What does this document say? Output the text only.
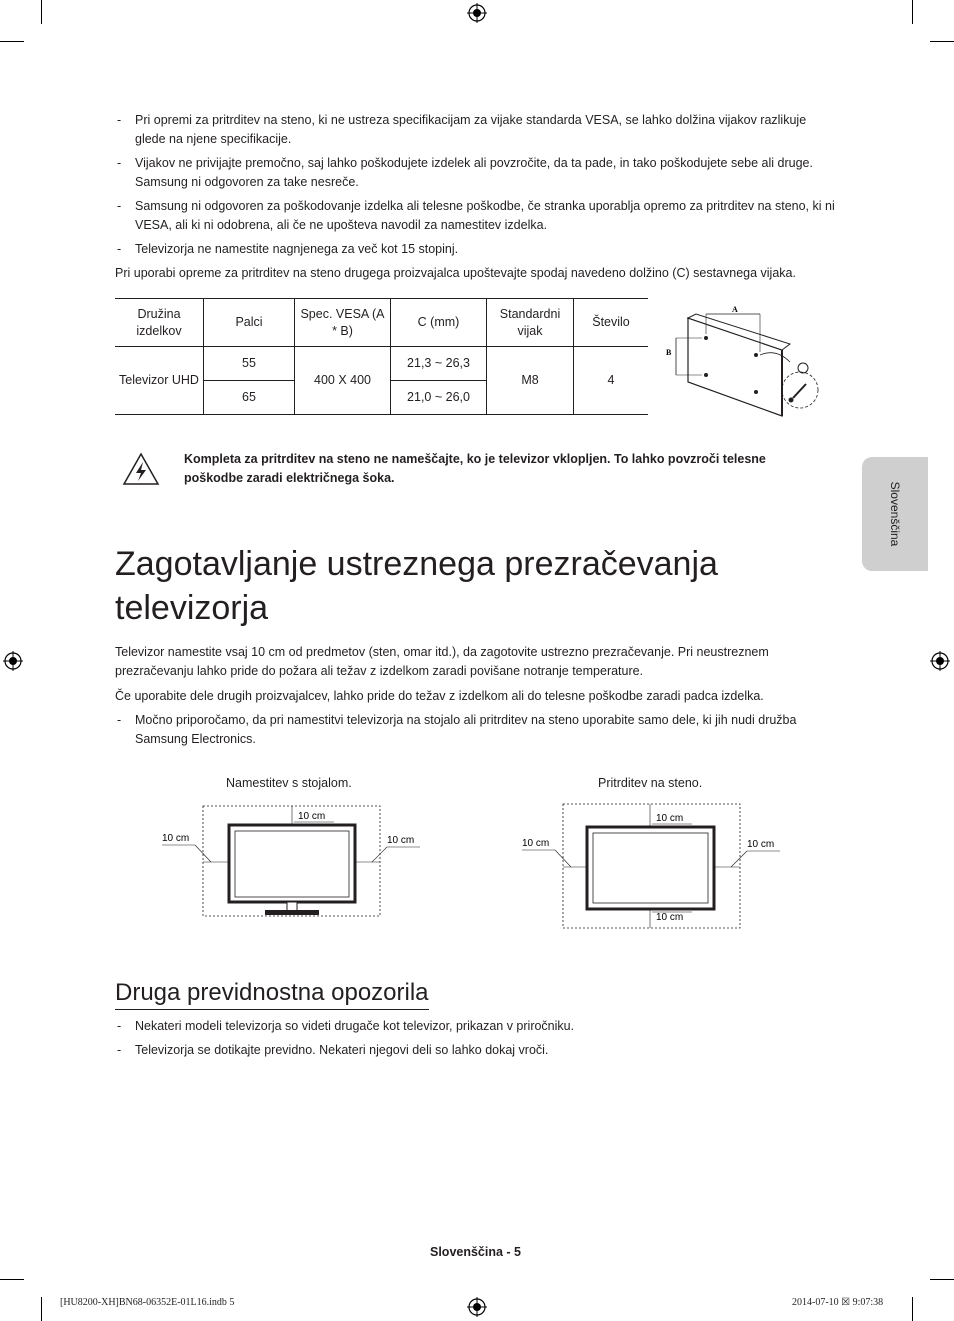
- Pri opremi za pritrditev na steno, ki ne ustreza specifikacijam za vijake standarda VESA, se lahko dolžina vijakov razlikuje glede na njene specifikacije.
- Vijakov ne privijajte premočno, saj lahko poškodujete izdelek ali povzročite, da ta pade, in tako poškodujete sebe ali druge. Samsung ni odgovoren za take nesreče.
- Samsung ni odgovoren za poškodovanje izdelka ali telesne poškodbe, če stranka uporablja opremo za pritrditev na steno, ki ni VESA, ali ki ni odobrena, ali če ne upošteva navodil za namestitev izdelka.
- Televizorja ne namestite nagnjenega za več kot 15 stopinj.
Pri uporabi opreme za pritrditev na steno drugega proizvajalca upoštevajte spodaj navedeno dolžino (C) sestavnega vijaka.
Družina izdelkov	Palci	Spec. VESA (A * B)	C (mm)	Standardni vijak	Število
Televizor UHD	55	400 X 400	21,3 ~ 26,3	M8	4
	65		21,0 ~ 26,0		
A
B
Kompleta za pritrditev na steno ne nameščajte, ko je televizor vklopljen. To lahko povzroči telesne poškodbe zaradi električnega šoka.
Slovenščina
Zagotavljanje ustreznega prezračevanja televizorja
Televizor namestite vsaj 10 cm od predmetov (sten, omar itd.), da zagotovite ustrezno prezračevanje. Pri neustreznem prezračevanju lahko pride do požara ali težav z izdelkom zaradi povišane notranje temperature.
Če uporabite dele drugih proizvajalcev, lahko pride do težav z izdelkom ali do telesne poškodbe zaradi padca izdelka.
- Močno priporočamo, da pri namestitvi televizorja na stojalo ali pritrditev na steno uporabite samo dele, ki jih nudi družba Samsung Electronics.
Namestitev s stojalom.
10 cm
10 cm	10 cm
Pritrditev na steno.
10 cm
10 cm
10 cm	10 cm
Druga previdnostna opozorila
- Nekateri modeli televizorja so videti drugače kot televizor, prikazan v priročniku.
- Televizorja se dotikajte previdno. Nekateri njegovi deli so lahko dokaj vroči.
Slovenščina - 5
[HU8200-XH]BN68-06352E-01L16.indb 5	2014-07-10 ☒ 9:07:38
